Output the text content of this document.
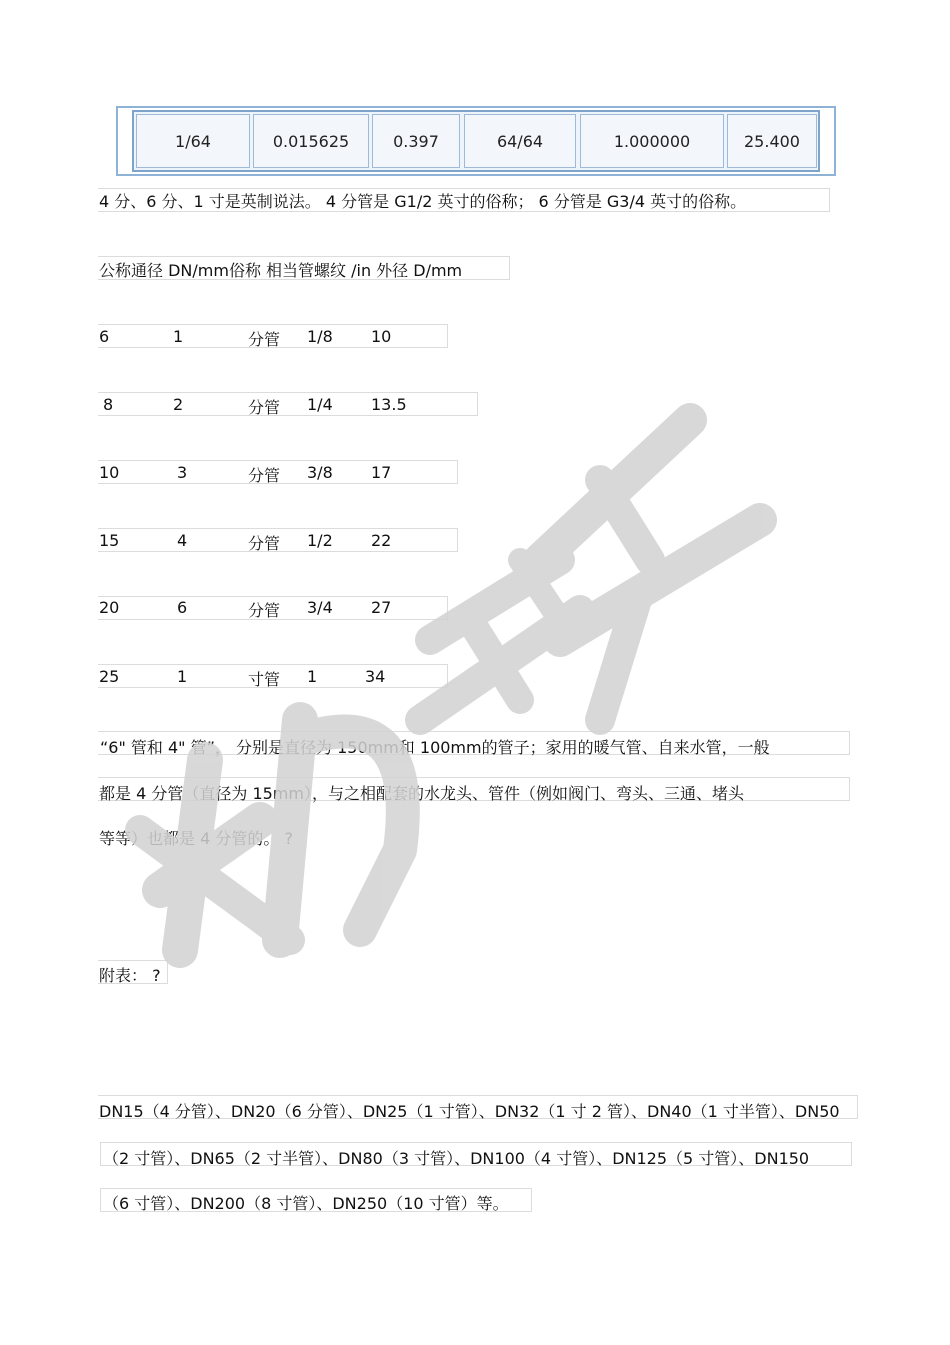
1/64	0.015625	0.397	64/64	1.000000	25.400
4 分、6 分、1 寸是英制说法。 4 分管是 G1/2 英寸的俗称； 6 分管是 G3/4 英寸的俗称。
公称通径 DN/mm俗称 相当管螺纹 /in 外径 D/mm
6	1	分管 1/8 10
8	2	分管 1/4 13.5
10	3	分管 3/8 17
15	4	分管 1/2 22
20	6	分管 3/4 27
25	1	寸管 1	34
“6" 管和 4" 管”， 分别是直径为 150mm和 100mm的管子；家用的暖气管、自来水管，一般
都是 4 分管（直径为 15mm），与之相配套的水龙头、管件（例如阀门、弯头、三通、堵头
等等）也都是 4 分管的。 ?
附表： ?
DN15（4 分管）、DN20（6 分管）、DN25（1 寸管）、DN32（1 寸 2 管）、DN40（1 寸半管）、DN50
（2 寸管）、DN65（2 寸半管）、DN80（3 寸管）、DN100（4 寸管）、DN125（5 寸管）、DN150
（6 寸管）、DN200（8 寸管）、DN250（10 寸管）等。
